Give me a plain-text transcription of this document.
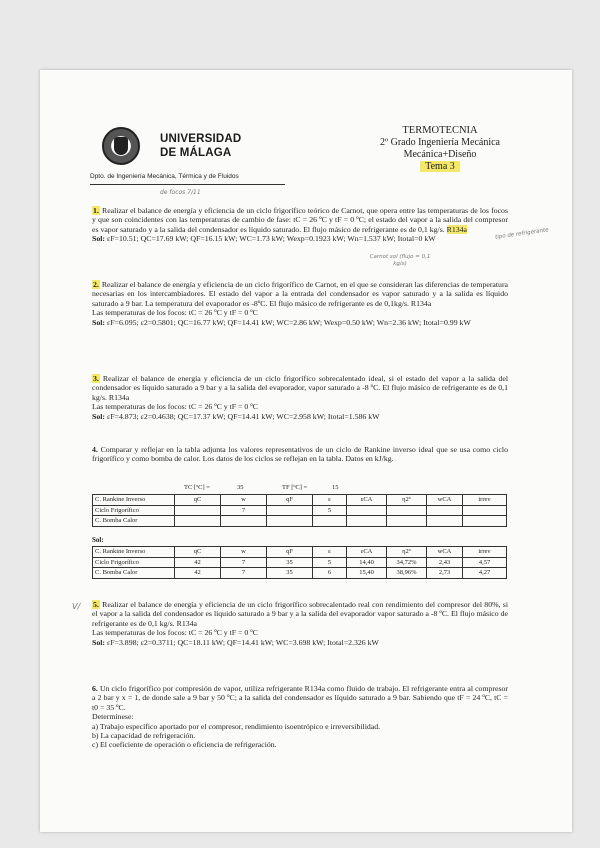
UNIVERSIDAD
DE MÁLAGA
TERMOTECNIA
2º Grado Ingeniería Mecánica
Mecánica+Diseño
Tema 3
Dpto. de Ingeniería Mecánica, Térmica y de Fluidos
de focos 7/11
tipo de refrigerante
Carnot sol (flujo = 0,1 kg/s)
1. Realizar el balance de energía y eficiencia de un ciclo frigorífico teórico de Carnot, que opera entre las temperaturas de los focos y que son coincidentes con las temperaturas de cambio de fase: tC = 26 ºC y tF = 0 ºC; el estado del vapor a la salida del compresor es vapor saturado y a la salida del condensador es líquido saturado. El flujo másico de refrigerante es de 0,1 kg/s. R134a
Sol: εF=10.51; QC=17.69 kW; QF=16.15 kW; WC=1.73 kW; Wexp=0.1923 kW; Wn=1.537 kW; Itotal=0 kW
2. Realizar el balance de energía y eficiencia de un ciclo frigorífico de Carnot, en el que se consideran las diferencias de temperatura necesarias en los intercambiadores. El estado del vapor a la entrada del condensador es vapor saturado y a la salida es líquido saturado a 9 bar. La temperatura del evaporador es -8ºC. El flujo másico de refrigerante es de 0,1kg/s. R134a
Las temperaturas de los focos: tC = 26 ºC y tF = 0 ºC
Sol: εF=6.095; ε2=0.5801; QC=16.77 kW; QF=14.41 kW; WC=2.86 kW; Wexp=0.50 kW; Wn=2.36 kW; Itotal=0.99 kW
3. Realizar el balance de energía y eficiencia de un ciclo frigorífico sobrecalentado ideal, si el estado del vapor a la salida del condensador es líquido saturado a 9 bar y a la salida del evaporador, vapor saturado a -8 ºC. El flujo másico de refrigerante es de 0,1 kg/s. R134a
Las temperaturas de los focos: tC = 26 ºC y tF = 0 ºC
Sol: εF=4.873; ε2=0.4638; QC=17.37 kW; QF=14.41 kW; WC=2.958 kW; Itotal=1.586 kW
4. Comparar y reflejar en la tabla adjunta los valores representativos de un ciclo de Rankine inverso ideal que se usa como ciclo frigorífico y como bomba de calor. Los datos de los ciclos se reflejan en la tabla. Datos en kJ/kg.
TC [ºC] =	35	TF [ºC] =	15
C. Rankine Inverso	qC	w	qF	ε	εCA	η2º	wCA	irrev
Ciclo Frigorífico		7		5				
C. Bomba Calor								
Sol:
C. Rankine Inverso	qC	w	qF	ε	εCA	η2º	wCA	irrev
Ciclo Frigorífico	42	7	35	5	14,40	34,72%	2,43	4,57
C. Bomba Calor	42	7	35	6	15,40	38,96%	2,73	4,27
V/ 5. Realizar el balance de energía y eficiencia de un ciclo frigorífico sobrecalentado real con rendimiento del compresor del 80%, si el vapor a la salida del condensador es líquido saturado a 9 bar y a la salida del evaporador vapor saturado a -8 ºC. El flujo másico de refrigerante es de 0,1 kg/s. R134a
Las temperaturas de los focos: tC = 26 ºC y tF = 0 ºC
Sol: εF=3.898; ε2=0.3711; QC=18.11 kW; QF=14.41 kW; WC=3.698 kW; Itotal=2.326 kW
6. Un ciclo frigorífico por compresión de vapor, utiliza refrigerante R134a como fluido de trabajo. El refrigerante entra al compresor a 2 bar y x = 1, de donde sale a 9 bar y 50 ºC; a la salida del condensador es líquido saturado a 9 bar. Sabiendo que tF = 24 ºC, tC = t0 = 35 ºC.
Determínese:
a) Trabajo específico aportado por el compresor, rendimiento isoentrópico e irreversibilidad.
b) La capacidad de refrigeración.
c) El coeficiente de operación o eficiencia de refrigeración.
